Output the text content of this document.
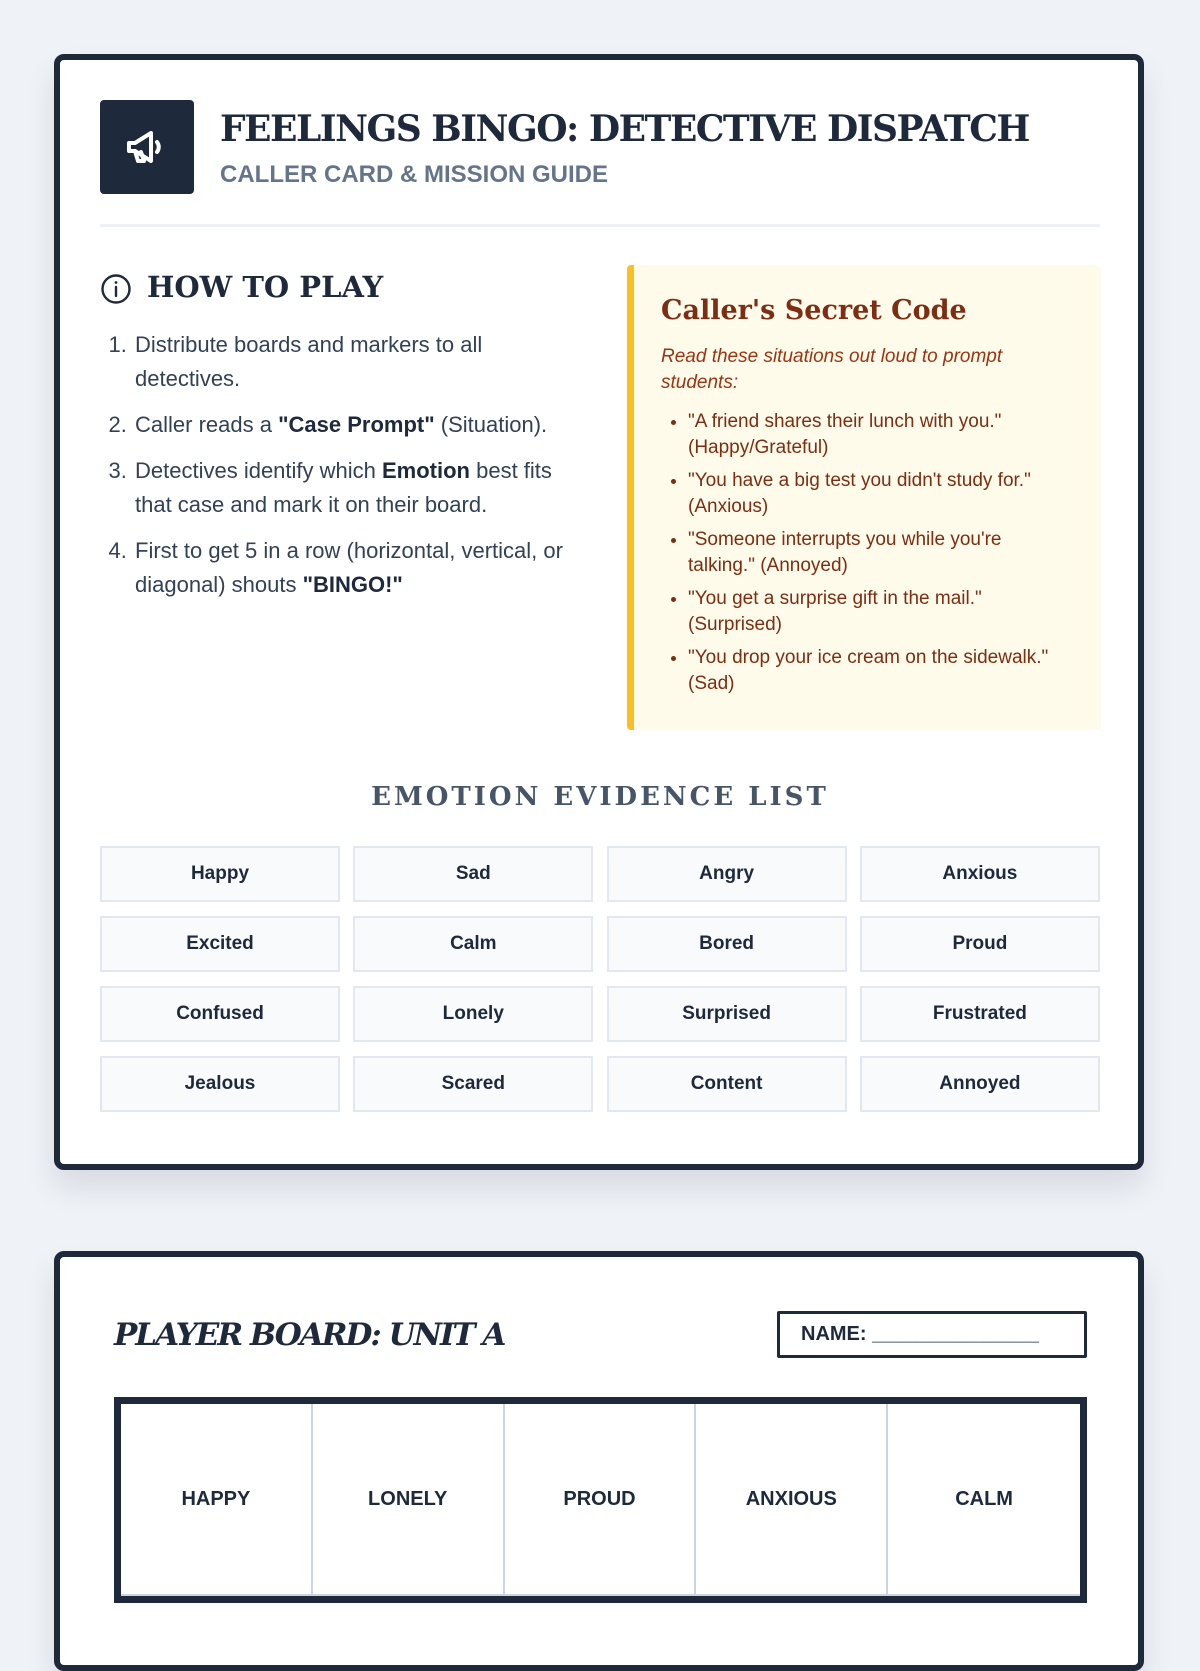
FEELINGS BINGO: DETECTIVE DISPATCH
CALLER CARD & MISSION GUIDE
HOW TO PLAY
1. Distribute boards and markers to all detectives.
2. Caller reads a "Case Prompt" (Situation).
3. Detectives identify which Emotion best fits that case and mark it on their board.
4. First to get 5 in a row (horizontal, vertical, or diagonal) shouts "BINGO!"
Caller's Secret Code
Read these situations out loud to prompt students:
• "A friend shares their lunch with you." (Happy/Grateful)
• "You have a big test you didn't study for." (Anxious)
• "Someone interrupts you while you're talking." (Annoyed)
• "You get a surprise gift in the mail." (Surprised)
• "You drop your ice cream on the sidewalk." (Sad)
EMOTION EVIDENCE LIST
Happy	Sad	Angry	Anxious
Excited	Calm	Bored	Proud
Confused	Lonely	Surprised	Frustrated
Jealous	Scared	Content	Annoyed
PLAYER BOARD: UNIT A	NAME: _______________
HAPPY	LONELY	PROUD	ANXIOUS	CALM
